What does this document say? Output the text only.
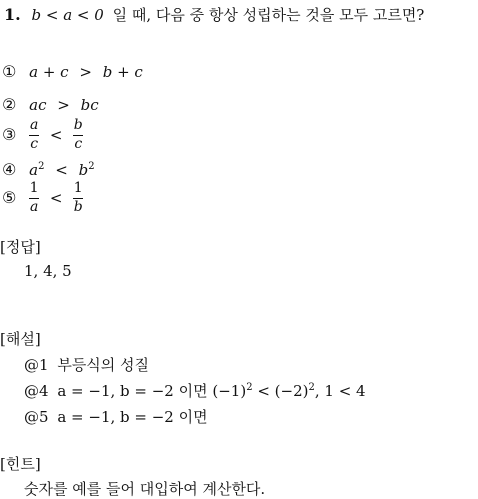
1. b < a < 0 일 때, 다음 중 항상 성립하는 것을 모두 고르면?
① a + c > b + c
② ac > bc
③ $\frac{a}{c} < \frac{b}{c}$
④ $a^2 < b^2$
⑤ $\frac{1}{a} < \frac{1}{b}$
[정답]
1, 4, 5
[해설]
@1 부등식의 성질
@4 a = −1, b = −2 이면 $(-1)^2 < (-2)^2$, 1 < 4
@5 a = −1, b = −2 이면
[힌트]
숫자를 예를 들어 대입하여 계산한다.
